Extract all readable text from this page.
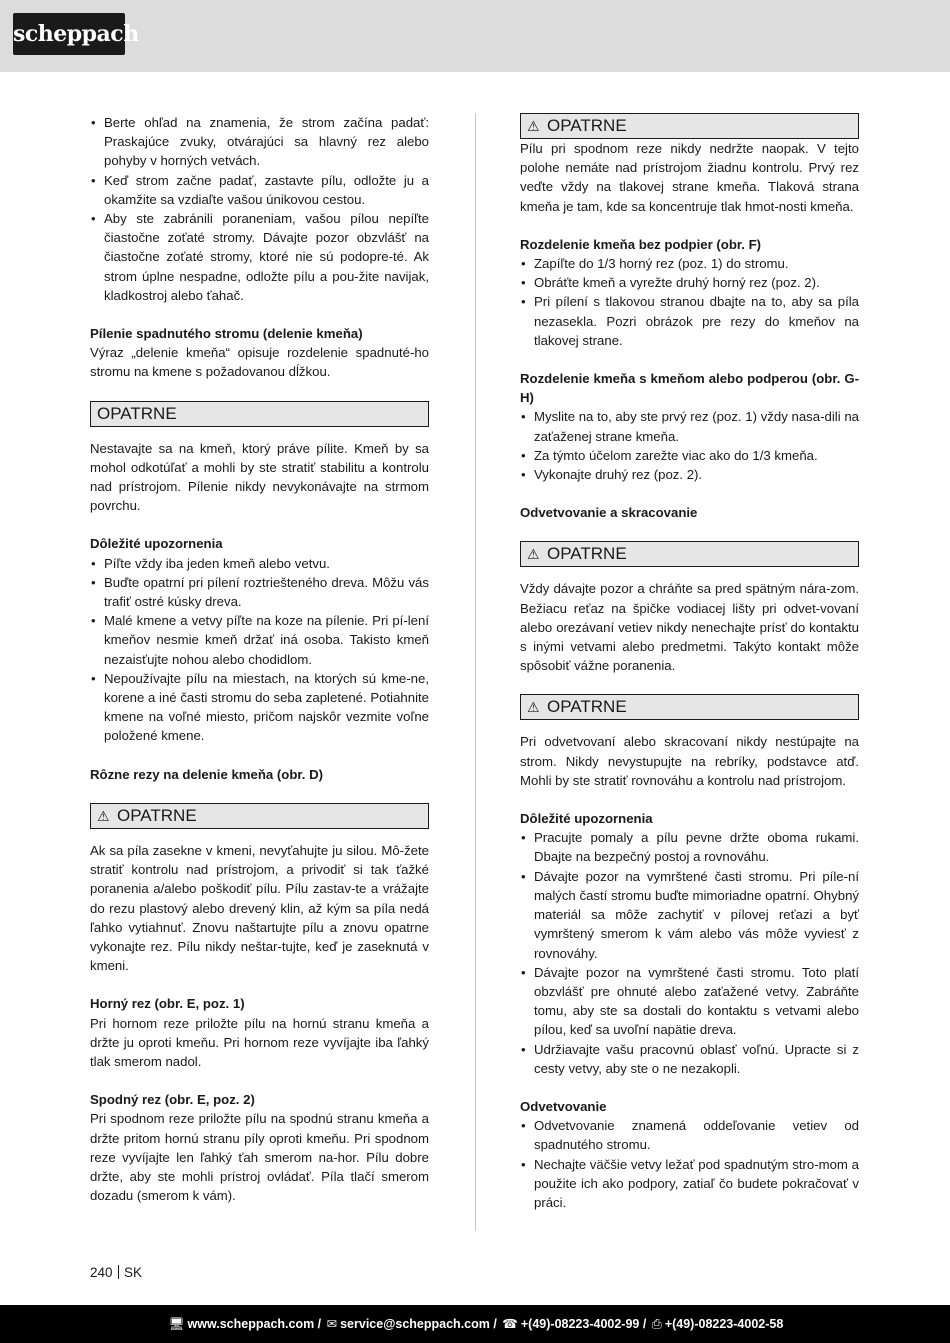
scheppach
• Berte ohľad na znamenia, že strom začína padať: Praskajúce zvuky, otvárajúci sa hlavný rez alebo pohyby v horných vetvách.
• Keď strom začne padať, zastavte pílu, odložte ju a okamžite sa vzdiaľte vašou únikovou cestou.
• Aby ste zabránili poraneniam, vašou pílou nepíľte čiastočne zoťaté stromy. Dávajte pozor obzvlášť na čiastočne zoťaté stromy, ktoré nie sú podopre-té. Ak strom úplne nespadne, odložte pílu a pou-žite navijak, kladkostroj alebo ťahač.

Pílenie spadnutého stromu (delenie kmeňa)

Výraz „delenie kmeňa“ opisuje rozdelenie spadnuté-ho stromu na kmene s požadovanou dĺžkou.

OPATRNE

Nestavajte sa na kmeň, ktorý práve pílite. Kmeň by sa mohol odkotúľať a mohli by ste stratiť stabilitu a kontrolu nad prístrojom. Pílenie nikdy nevykonávajte na strmom povrchu.

Dôležité upozornenia

• Píľte vždy iba jeden kmeň alebo vetvu.
• Buďte opatrní pri pílení roztriešteného dreva. Môžu vás trafiť ostré kúsky dreva.
• Malé kmene a vetvy píľte na koze na pílenie. Pri pí-lení kmeňov nesmie kmeň držať iná osoba. Takisto kmeň nezaisťujte nohou alebo chodidlom.
• Nepoužívajte pílu na miestach, na ktorých sú kme-ne, korene a iné časti stromu do seba zapletené. Potiahnite kmene na voľné miesto, pričom najskôr vezmite voľne položené kmene.

Rôzne rezy na delenie kmeňa (obr. D)

⚠ OPATRNE

Ak sa píla zasekne v kmeni, nevyťahujte ju silou. Mô-žete stratiť kontrolu nad prístrojom, a privodiť si tak ťažké poranenia a/alebo poškodiť pílu. Pílu zastav-te a vrážajte do rezu plastový alebo drevený klin, až kým sa píla nedá ľahko vytiahnuť. Znovu naštartujte pílu a znovu opatrne vykonajte rez. Pílu nikdy neštar-tujte, keď je zaseknutá v kmeni.

Horný rez (obr. E, poz. 1)

Pri hornom reze priložte pílu na hornú stranu kmeňa a držte ju oproti kmeňu. Pri hornom reze vyvíjajte iba ľahký tlak smerom nadol.

Spodný rez (obr. E, poz. 2)

Pri spodnom reze priložte pílu na spodnú stranu kmeňa a držte pritom hornú stranu píly oproti kmeňu. Pri spodnom reze vyvíjajte len ľahký ťah smerom na-hor. Pílu dobre držte, aby ste mohli prístroj ovládať. Píla tlačí smerom dozadu (smerom k vám).

⚠ OPATRNE

Pílu pri spodnom reze nikdy nedržte naopak. V tejto polohe nemáte nad prístrojom žiadnu kontrolu. Prvý rez veďte vždy na tlakovej strane kmeňa. Tlaková strana kmeňa je tam, kde sa koncentruje tlak hmot-nosti kmeňa.

Rozdelenie kmeňa bez podpier (obr. F)

• Zapíľte do 1/3 horný rez (poz. 1) do stromu.
• Obráťte kmeň a vyrežte druhý horný rez (poz. 2).
• Pri pílení s tlakovou stranou dbajte na to, aby sa píla nezasekla. Pozri obrázok pre rezy do kmeňov na tlakovej strane.

Rozdelenie kmeňa s kmeňom alebo podperou (obr. G-H)

• Myslite na to, aby ste prvý rez (poz. 1) vždy nasa-dili na zaťaženej strane kmeňa.
• Za týmto účelom zarežte viac ako do 1/3 kmeňa.
• Vykonajte druhý rez (poz. 2).

Odvetvovanie a skracovanie

⚠ OPATRNE

Vždy dávajte pozor a chráňte sa pred spätným nára-zom. Bežiacu reťaz na špičke vodiacej lišty pri odvet-vovaní alebo orezávaní vetiev nikdy nenechajte prísť do kontaktu s inými vetvami alebo predmetmi. Takýto kontakt môže spôsobiť vážne poranenia.

⚠ OPATRNE

Pri odvetvovaní alebo skracovaní nikdy nestúpajte na strom. Nikdy nevystupujte na rebríky, podstavce atď. Mohli by ste stratiť rovnováhu a kontrolu nad prístrojom.

Dôležité upozornenia

• Pracujte pomaly a pílu pevne držte oboma rukami. Dbajte na bezpečný postoj a rovnováhu.
• Dávajte pozor na vymrštené časti stromu. Pri píle-ní malých častí stromu buďte mimoriadne opatrní. Ohybný materiál sa môže zachytiť v pílovej reťazi a byť vymrštený smerom k vám alebo vás môže vyviesť z rovnováhy.
• Dávajte pozor na vymrštené časti stromu. Toto platí obzvlášť pre ohnuté alebo zaťažené vetvy. Zabráňte tomu, aby ste sa dostali do kontaktu s vetvami alebo pílou, keď sa uvoľní napätie dreva.
• Udržiavajte vašu pracovnú oblasť voľnú. Upracte si z cesty vetvy, aby ste o ne nezakopli.

Odvetvovanie

• Odvetvovanie znamená oddeľovanie vetiev od spadnutého stromu.
• Nechajte väčšie vetvy ležať pod spadnutým stro-mom a použite ich ako podpory, zatiaľ čo budete pokračovať v práci.
240 SK
🖥 www.scheppach.com / ✉ service@scheppach.com / ☎ +(49)-08223-4002-99 / ⎙ +(49)-08223-4002-58
